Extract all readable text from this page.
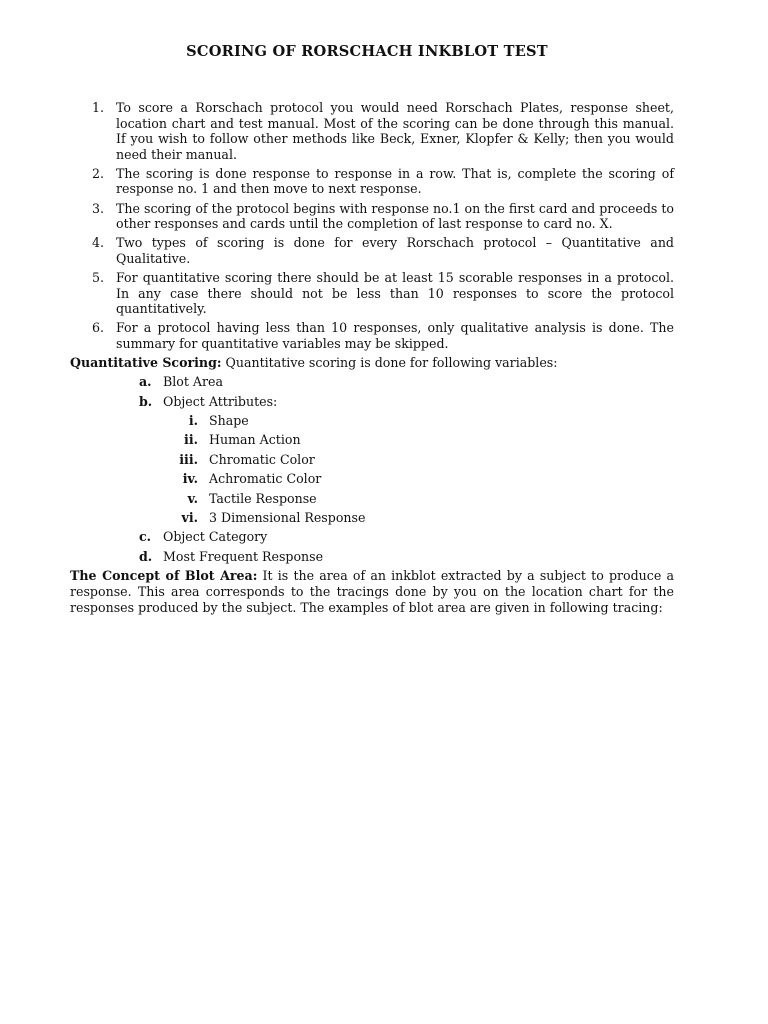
SCORING OF RORSCHACH INKBLOT TEST
1. To score a Rorschach protocol you would need Rorschach Plates, response sheet, location chart and test manual. Most of the scoring can be done through this manual. If you wish to follow other methods like Beck, Exner, Klopfer & Kelly; then you would need their manual.
2. The scoring is done response to response in a row. That is, complete the scoring of response no. 1 and then move to next response.
3. The scoring of the protocol begins with response no.1 on the first card and proceeds to other responses and cards until the completion of last response to card no. X.
4. Two types of scoring is done for every Rorschach protocol – Quantitative and Qualitative.
5. For quantitative scoring there should be at least 15 scorable responses in a protocol. In any case there should not be less than 10 responses to score the protocol quantitatively.
6. For a protocol having less than 10 responses, only qualitative analysis is done. The summary for quantitative variables may be skipped.

Quantitative Scoring: Quantitative scoring is done for following variables:

a. Blot Area
b. Object Attributes:
i. Shape
ii. Human Action
iii. Chromatic Color
iv. Achromatic Color
v. Tactile Response
vi. 3 Dimensional Response
c. Object Category
d. Most Frequent Response

The Concept of Blot Area: It is the area of an inkblot extracted by a subject to produce a response. This area corresponds to the tracings done by you on the location chart for the responses produced by the subject. The examples of blot area are given in following tracing:
